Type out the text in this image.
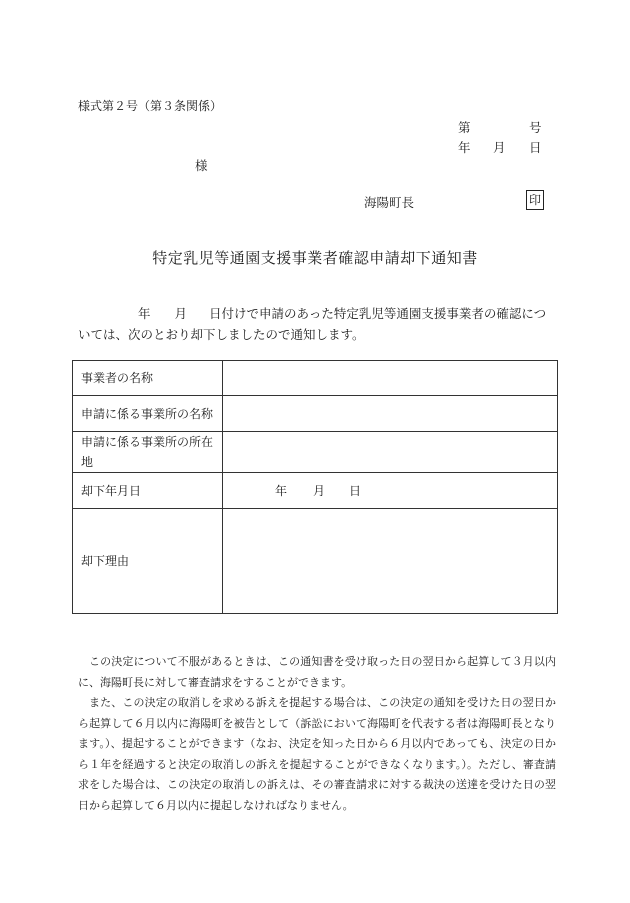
様式第２号（第３条関係）
第	号
年 月 日
様
海陽町長	印
特定乳児等通園支援事業者確認申請却下通知書
年 月 日付けで申請のあった特定乳児等通園支援事業者の確認については、次のとおり却下しましたので通知します。
事業者の名称	
申請に係る事業所の名称	
申請に係る事業所の所在地	
却下年月日	年 月 日
却下理由	

この決定について不服があるときは、この通知書を受け取った日の翌日から起算して３月以内に、海陽町長に対して審査請求をすることができます。

また、この決定の取消しを求める訴えを提起する場合は、この決定の通知を受けた日の翌日から起算して６月以内に海陽町を被告として（訴訟において海陽町を代表する者は海陽町長となります。）、提起することができます（なお、決定を知った日から６月以内であっても、決定の日から１年を経過すると決定の取消しの訴えを提起することができなくなります。）。ただし、審査請求をした場合は、この決定の取消しの訴えは、その審査請求に対する裁決の送達を受けた日の翌日から起算して６月以内に提起しなければなりません。
